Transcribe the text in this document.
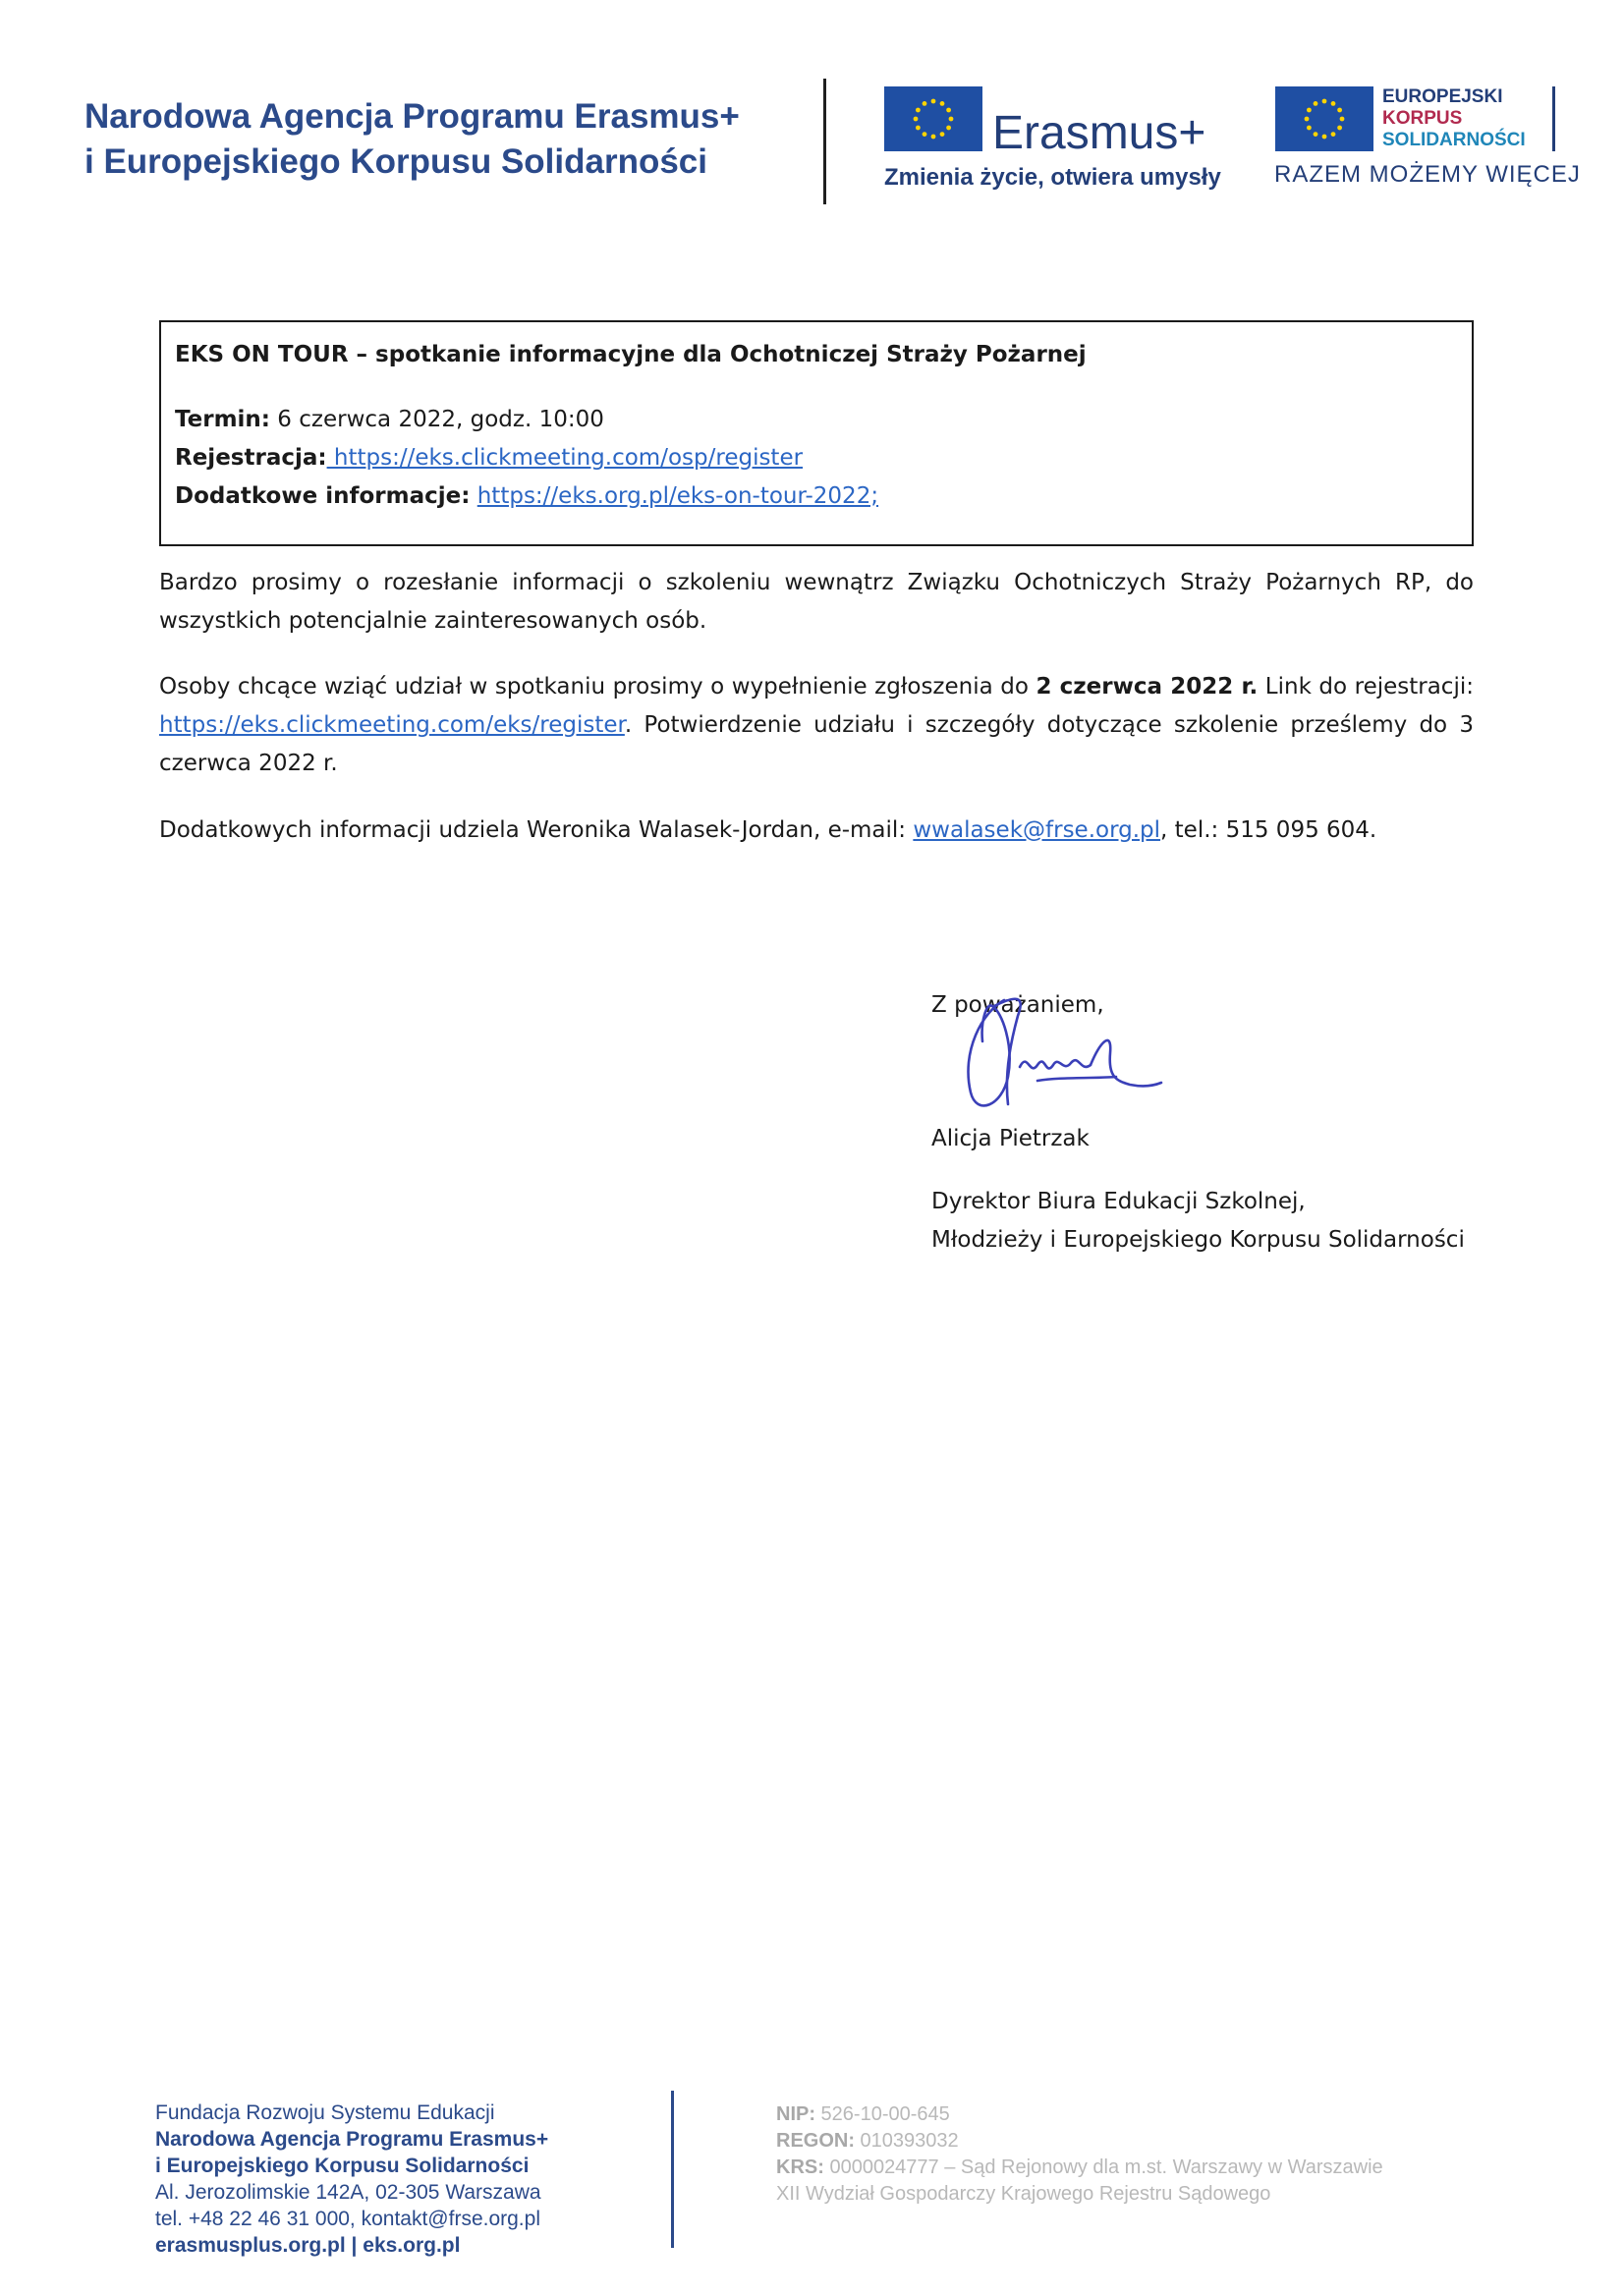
Narodowa Agencja Programu Erasmus+
i Europejskiego Korpusu Solidarności
Erasmus+
Zmienia życie, otwiera umysły
EUROPEJSKI
KORPUS
SOLIDARNOŚCI
RAZEM MOŻEMY WIĘCEJ
EKS ON TOUR – spotkanie informacyjne dla Ochotniczej Straży Pożarnej
Termin: 6 czerwca 2022, godz. 10:00
Rejestracja: https://eks.clickmeeting.com/osp/register
Dodatkowe informacje: https://eks.org.pl/eks-on-tour-2022;
Bardzo prosimy o rozesłanie informacji o szkoleniu wewnątrz Związku Ochotniczych Straży Pożarnych RP, do wszystkich potencjalnie zainteresowanych osób.
Osoby chcące wziąć udział w spotkaniu prosimy o wypełnienie zgłoszenia do 2 czerwca 2022 r. Link do rejestracji: https://eks.clickmeeting.com/eks/register. Potwierdzenie udziału i szczegóły dotyczące szkolenie prześlemy do 3 czerwca 2022 r.
Dodatkowych informacji udziela Weronika Walasek-Jordan, e-mail: wwalasek@frse.org.pl, tel.: 515 095 604.
Z poważaniem,
Alicja Pietrzak
Dyrektor Biura Edukacji Szkolnej,
Młodzieży i Europejskiego Korpusu Solidarności
Fundacja Rozwoju Systemu Edukacji
Narodowa Agencja Programu Erasmus+
i Europejskiego Korpusu Solidarności
Al. Jerozolimskie 142A, 02-305 Warszawa
tel. +48 22 46 31 000, kontakt@frse.org.pl
erasmusplus.org.pl | eks.org.pl
NIP: 526-10-00-645
REGON: 010393032
KRS: 0000024777 – Sąd Rejonowy dla m.st. Warszawy w Warszawie
XII Wydział Gospodarczy Krajowego Rejestru Sądowego
